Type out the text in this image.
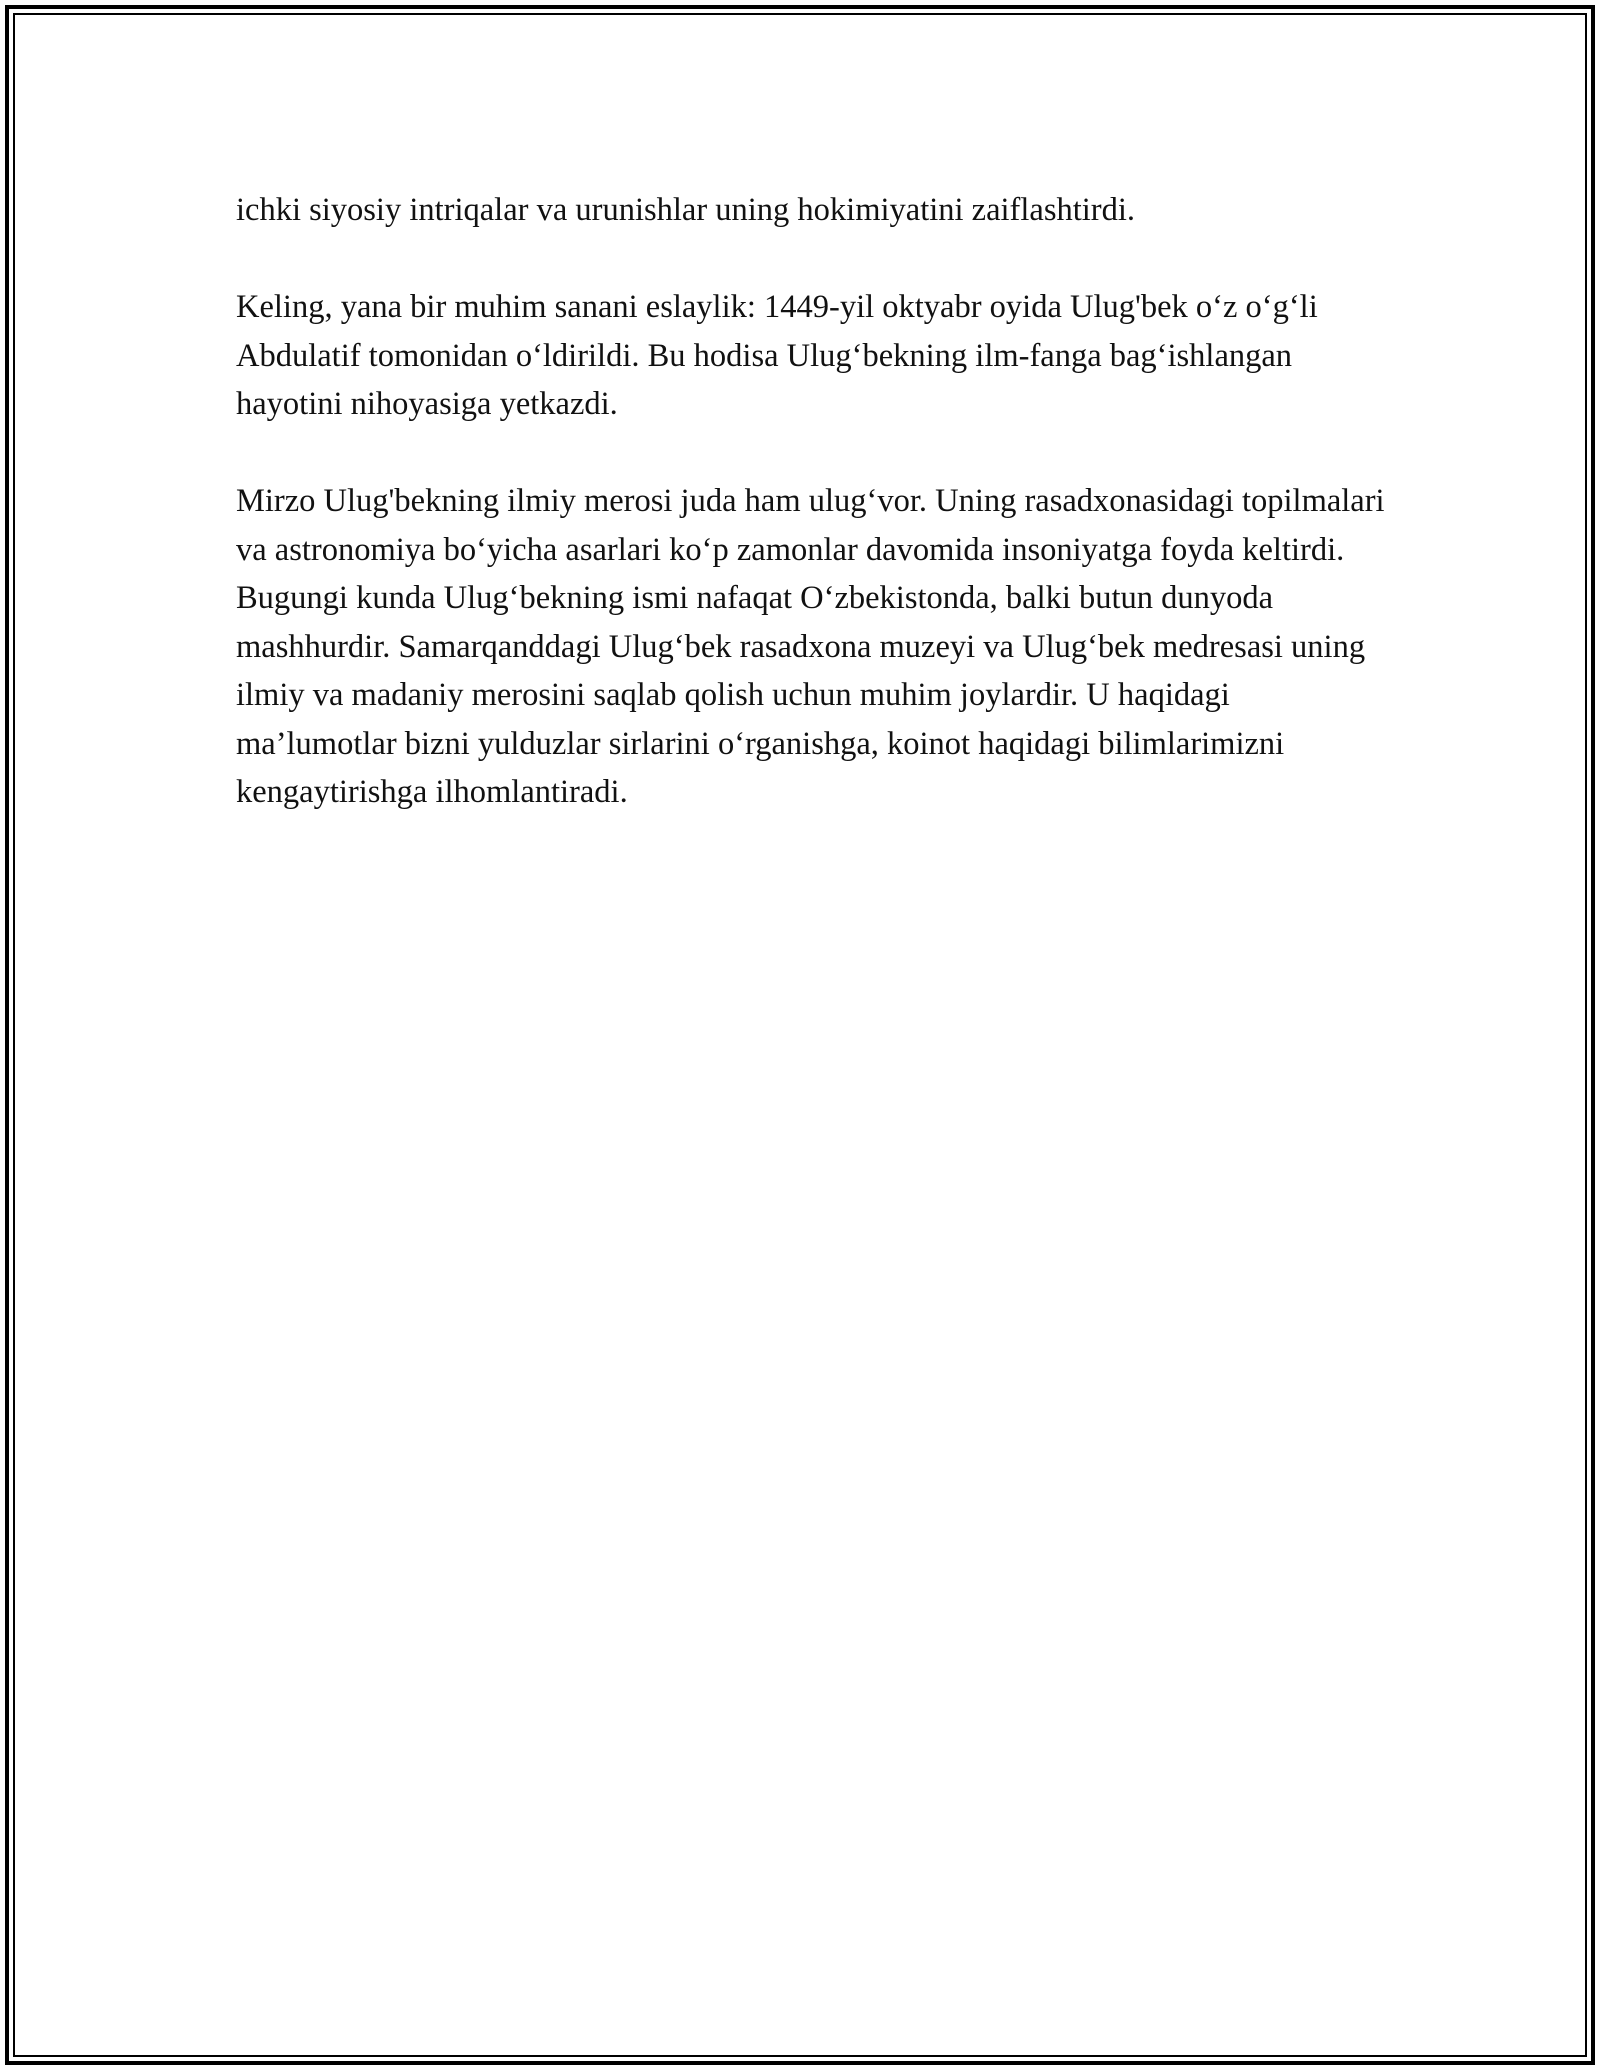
ichki siyosiy intriqalar va urunishlar uning hokimiyatini zaiflashtirdi.

Keling, yana bir muhim sanani eslaylik: 1449-yil oktyabr oyida Ulug'bek o‘z o‘g‘li Abdulatif tomonidan o‘ldirildi. Bu hodisa Ulug‘bekning ilm-fanga bag‘ishlangan hayotini nihoyasiga yetkazdi.

Mirzo Ulug'bekning ilmiy merosi juda ham ulug‘vor. Uning rasadxonasidagi topilmalari va astronomiya bo‘yicha asarlari ko‘p zamonlar davomida insoniyatga foyda keltirdi. Bugungi kunda Ulug‘bekning ismi nafaqat O‘zbekistonda, balki butun dunyoda mashhurdir. Samarqanddagi Ulug‘bek rasadxona muzeyi va Ulug‘bek medresasi uning ilmiy va madaniy merosini saqlab qolish uchun muhim joylardir. U haqidagi ma’lumotlar bizni yulduzlar sirlarini o‘rganishga, koinot haqidagi bilimlarimizni kengaytirishga ilhomlantiradi.
